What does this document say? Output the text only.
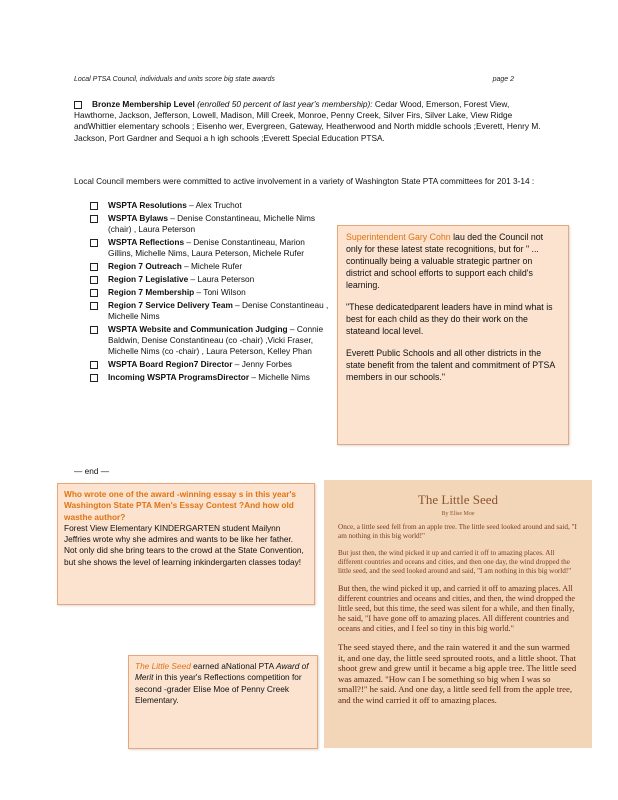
Local PTSA Council, individuals and units score big state awards	page 2
Bronze Membership Level (enrolled 50 percent of last year's membership): Cedar Wood, Emerson, Forest View, Hawthorne, Jackson, Jefferson, Lowell, Madison, Mill Creek, Monroe, Penny Creek, Silver Firs, Silver Lake, View Ridge andWhittier elementary schools ; Eisenho wer, Evergreen, Gateway, Heatherwood and North middle schools ;Everett, Henry M. Jackson, Port Gardner and Sequoi a h igh schools ;Everett Special Education PTSA.
Local Council members were committed to active involvement in a variety of Washington State PTA committees for 201 3-14 :
WSPTA Resolutions – Alex Truchot
WSPTA Bylaws – Denise Constantineau, Michelle Nims (chair) , Laura Peterson
WSPTA Reflections – Denise Constantineau, Marion Gillins, Michelle Nims, Laura Peterson, Michele Rufer
Region 7 Outreach – Michele Rufer
Region 7 Legislative – Laura Peterson
Region 7 Membership – Toni Wilson
Region 7 Service Delivery Team – Denise Constantineau , Michelle Nims
WSPTA Website and Communication Judging – Connie Baldwin, Denise Constantineau (co -chair) ,Vicki Fraser, Michelle Nims (co -chair) , Laura Peterson, Kelley Phan
WSPTA Board Region7 Director – Jenny Forbes
Incoming WSPTA ProgramsDirector – Michelle Nims
— end —

Superintendent Gary Cohn lau ded the Council not only for these latest state recognitions, but for " ... continually being a valuable strategic partner on district and school efforts to support each child's learning.

"These dedicatedparent leaders have in mind what is best for each child as they do their work on the stateand local level.

Everett Public Schools and all other districts in the state benefit from the talent and commitment of PTSA members in our schools."

Who wrote one of the award -winning essay s in this year's Washington State PTA Men's Essay Contest ?And how old wasthe author?
Forest View Elementary KINDERGARTEN student Mailynn Jeffries wrote why she admires and wants to be like her father. Not only did she bring tears to the crowd at the State Convention, but she shows the level of learning inkindergarten classes today!
The Little Seed earned aNational PTA Award of Merit in this year's Reflections competition for second -grader Elise Moe of Penny Creek Elementary.
The Little Seed
By Elise Moe

Once, a little seed fell from an apple tree. The little seed looked around and said, "I am nothing in this big world!"

But just then, the wind picked it up and carried it off to amazing places. All different countries and oceans and cities, and then one day, the wind dropped the little seed, and the seed looked around and said, "I am nothing in this big world!"

But then, the wind picked it up, and carried it off to amazing places. All different countries and oceans and cities, and then, the wind dropped the little seed, but this time, the seed was silent for a while, and then finally, he said, "I have gone off to amazing places. All different countries and oceans and cities, and I feel so tiny in this big world."

The seed stayed there, and the rain watered it and the sun warmed it, and one day, the little seed sprouted roots, and a little shoot. That shoot grew and grew until it became a big apple tree. The little seed was amazed. "How can I be something so big when I was so small?!" he said. And one day, a little seed fell from the apple tree, and the wind carried it off to amazing places.
